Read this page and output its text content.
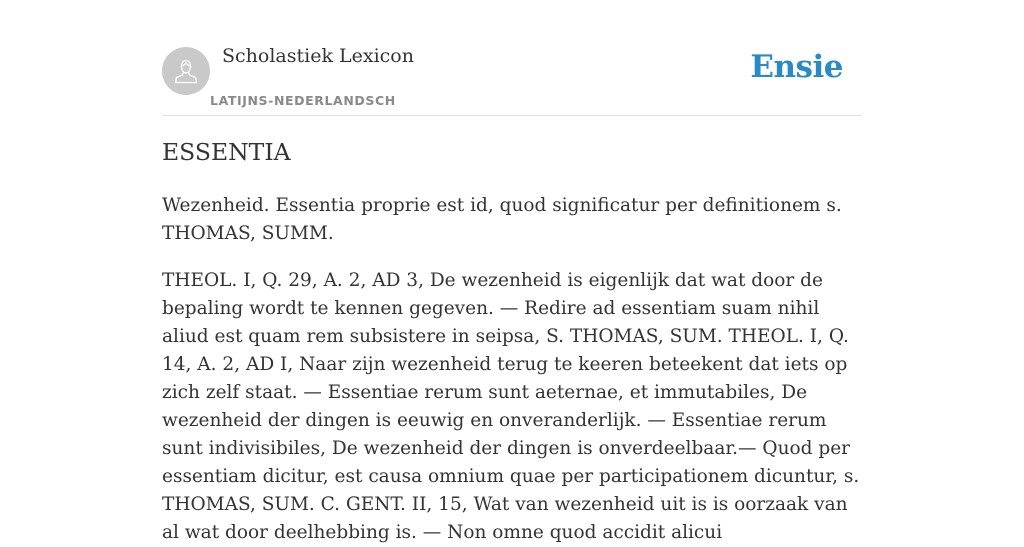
Scholastiek Lexicon
LATIJNS-NEDERLANDSCH
Ensie
ESSENTIA

Wezenheid. Essentia proprie est id, quod significatur per definitionem s. THOMAS, SUMM.

THEOL. I, Q. 29, A. 2, AD 3, De wezenheid is eigenlijk dat wat door de bepaling wordt te kennen gegeven. — Redire ad essentiam suam nihil aliud est quam rem subsistere in seipsa, S. THOMAS, SUM. THEOL. I, Q. 14, A. 2, AD I, Naar zijn wezenheid terug te keeren beteekent dat iets op zich zelf staat. — Essentiae rerum sunt aeternae, et immutabiles, De wezenheid der dingen is eeuwig en onveranderlijk. — Essentiae rerum sunt indivisibiles, De wezenheid der dingen is onverdeelbaar.— Quod per essentiam dicitur, est causa omnium quae per participationem dicuntur, s. THOMAS, SUM. C. GENT. II, 15, Wat van wezenheid uit is is oorzaak van al wat door deelhebbing is. — Non omne quod accidit alicui
